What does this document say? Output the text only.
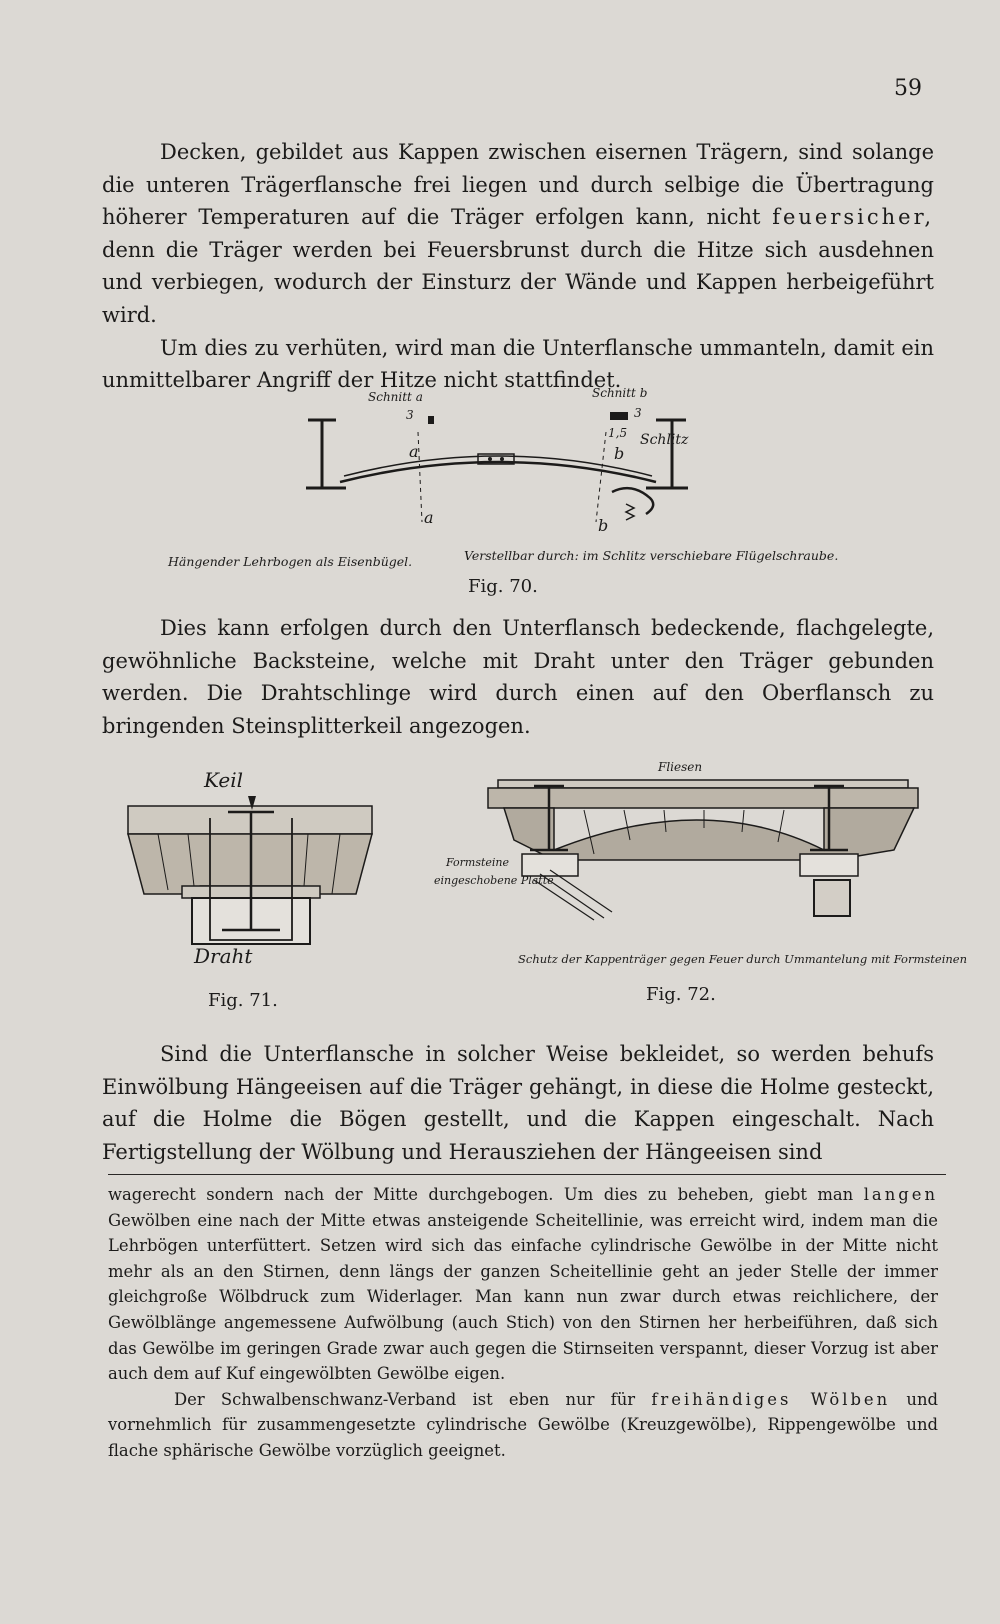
59

Decken, gebildet aus Kappen zwischen eisernen Trägern, sind solange die unteren Trägerflansche frei liegen und durch selbige die Übertragung höherer Temperaturen auf die Träger erfolgen kann, nicht feuersicher, denn die Träger werden bei Feuersbrunst durch die Hitze sich ausdehnen und verbiegen, wodurch der Einsturz der Wände und Kappen herbeigeführt wird.

Um dies zu verhüten, wird man die Unterflansche ummanteln, damit ein unmittelbarer Angriff der Hitze nicht stattfindet.

Schnitt a	Schnitt b
3	3
1,5 Schlitz
a
a
b
b
Hängender Lehrbogen als Eisenbügel.	Verstellbar durch: im Schlitz verschiebare Flügelschraube.
Fig. 70.

Dies kann erfolgen durch den Unterflansch bedeckende, flachgelegte, gewöhnliche Backsteine, welche mit Draht unter den Träger gebunden werden. Die Drahtschlinge wird durch einen auf den Oberflansch zu bringenden Steinsplitterkeil angezogen.

Keil
Draht
Fig. 71.
Fliesen
Formsteine
eingeschobene Platte
Schutz der Kappenträger gegen Feuer durch Ummantelung mit Formsteinen
Fig. 72.

Sind die Unterflansche in solcher Weise bekleidet, so werden behufs Einwölbung Hängeeisen auf die Träger gehängt, in diese die Holme gesteckt, auf die Holme die Bögen gestellt, und die Kappen eingeschalt. Nach Fertigstellung der Wölbung und Herausziehen der Hängeeisen sind

wagerecht sondern nach der Mitte durchgebogen. Um dies zu beheben, giebt man langen Gewölben eine nach der Mitte etwas ansteigende Scheitellinie, was erreicht wird, indem man die Lehrbögen unterfüttert. Setzen wird sich das einfache cylindrische Gewölbe in der Mitte nicht mehr als an den Stirnen, denn längs der ganzen Scheitellinie geht an jeder Stelle der immer gleichgroße Wölbdruck zum Widerlager. Man kann nun zwar durch etwas reichlichere, der Gewölblänge angemessene Aufwölbung (auch Stich) von den Stirnen her herbeiführen, daß sich das Gewölbe im geringen Grade zwar auch gegen die Stirnseiten verspannt, dieser Vorzug ist aber auch dem auf Kuf eingewölbten Gewölbe eigen.

Der Schwalbenschwanz-Verband ist eben nur für freihändiges Wölben und vornehmlich für zusammengesetzte cylindrische Gewölbe (Kreuzgewölbe), Rippengewölbe und flache sphärische Gewölbe vorzüglich geeignet.
